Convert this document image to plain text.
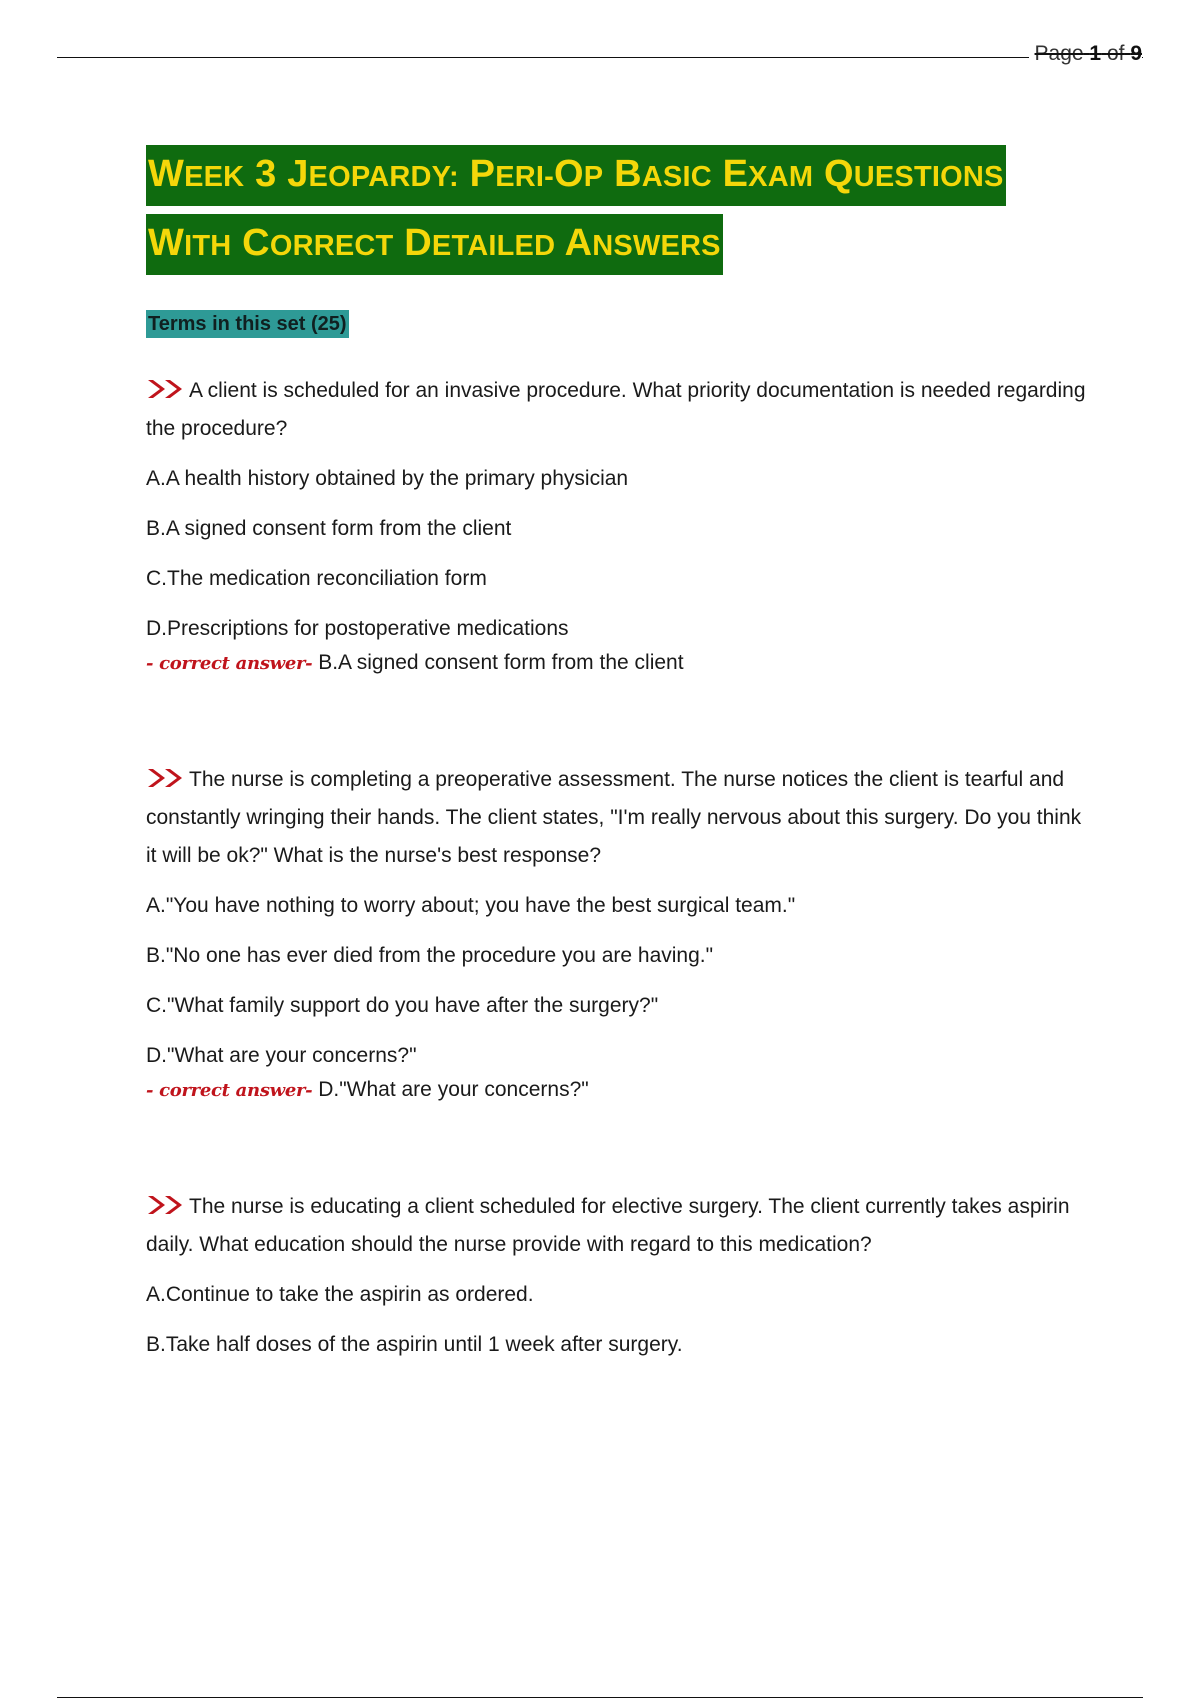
Page 1 of 9
WEEK 3 JEOPARDY: PERI-OP BASIC EXAM QUESTIONS
WITH CORRECT DETAILED ANSWERS
Terms in this set (25)

A client is scheduled for an invasive procedure. What priority documentation is needed regarding the procedure?

A.A health history obtained by the primary physician

B.A signed consent form from the client

C.The medication reconciliation form

D.Prescriptions for postoperative medications

- correct answer- B.A signed consent form from the client

The nurse is completing a preoperative assessment. The nurse notices the client is tearful and constantly wringing their hands. The client states, "I'm really nervous about this surgery. Do you think it will be ok?" What is the nurse's best response?

A."You have nothing to worry about; you have the best surgical team."

B."No one has ever died from the procedure you are having."

C."What family support do you have after the surgery?"

D."What are your concerns?"

- correct answer- D."What are your concerns?"

The nurse is educating a client scheduled for elective surgery. The client currently takes aspirin daily. What education should the nurse provide with regard to this medication?

A.Continue to take the aspirin as ordered.

B.Take half doses of the aspirin until 1 week after surgery.
